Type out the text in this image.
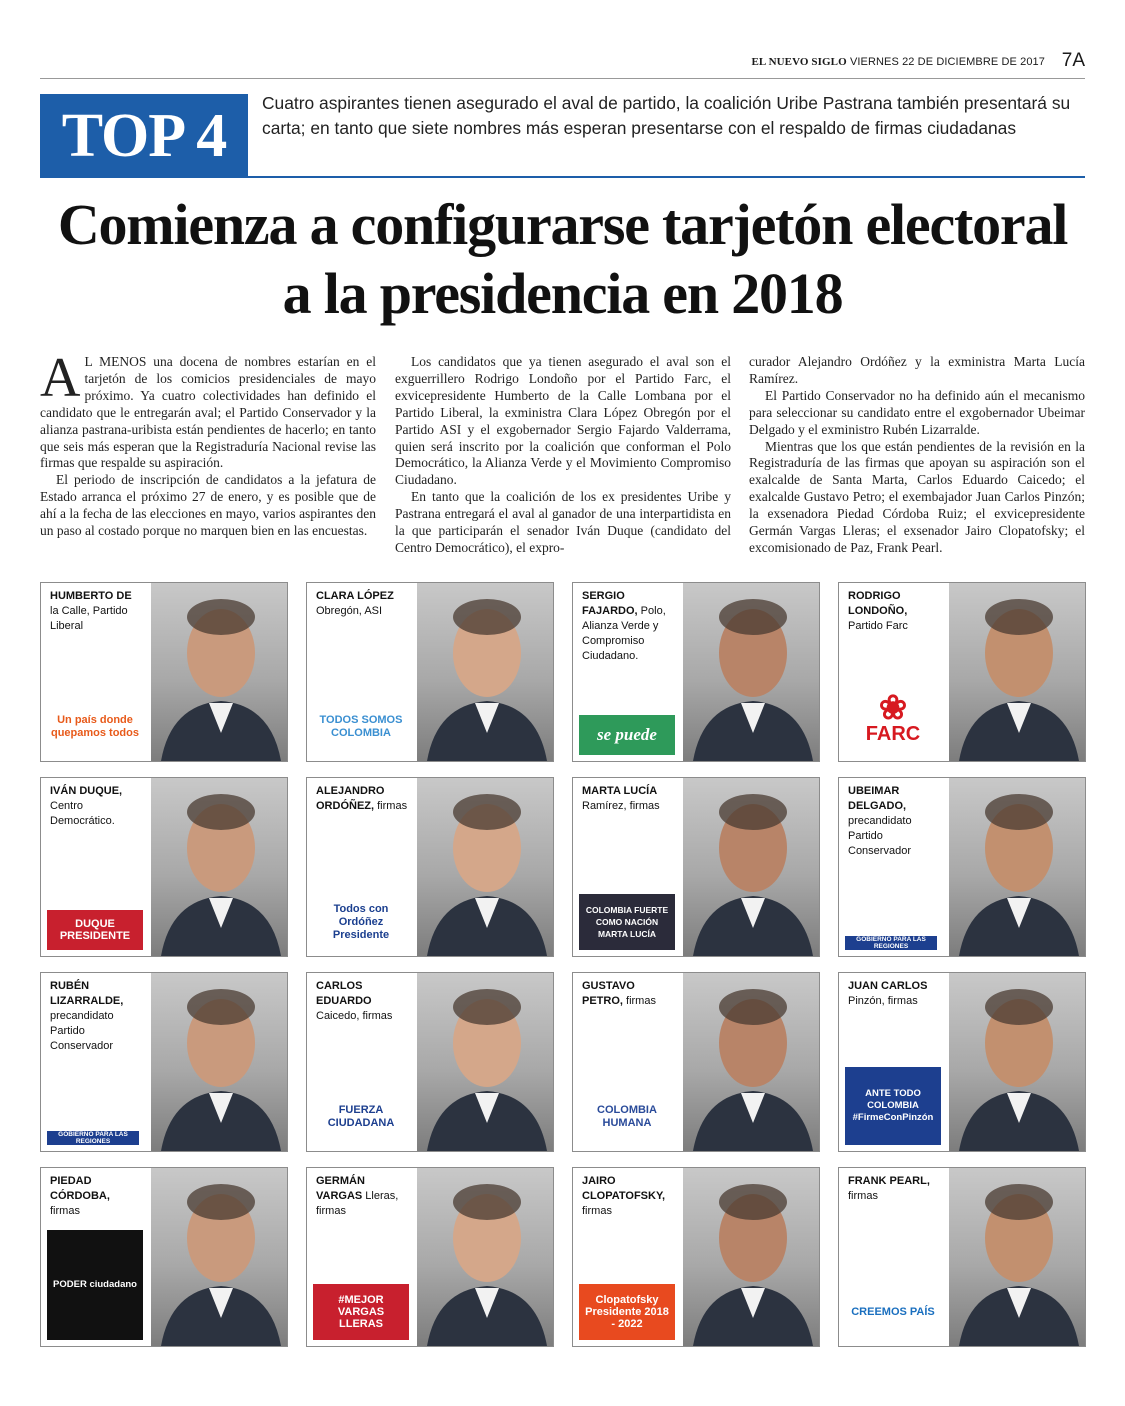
EL NUEVO SIGLO VIERNES 22 DE DICIEMBRE DE 2017 7A
TOP 4	Cuatro aspirantes tienen asegurado el aval de partido, la coalición Uribe Pastrana también presentará su carta; en tanto que siete nombres más esperan presentarse con el respaldo de firmas ciudadanas
Comienza a configurarse tarjetón electoral
a la presidencia en 2018

A L MENOS una docena de nombres estarían en el tarjetón de los comicios presidenciales de mayo próximo. Ya cuatro colectividades han definido el candidato que le entregarán aval; el Partido Conservador y la alianza pastrana-uribista están pendientes de hacerlo; en tanto que seis más esperan que la Registraduría Nacional revise las firmas que respalde su aspiración.

El periodo de inscripción de candidatos a la jefatura de Estado arranca el próximo 27 de enero, y es posible que de ahí a la fecha de las elecciones en mayo, varios aspirantes den un paso al costado porque no marquen bien en las encuestas.

Los candidatos que ya tienen asegurado el aval son el exguerrillero Rodrigo Londoño por el Partido Farc, el exvicepresidente Humberto de la Calle Lombana por el Partido Liberal, la exministra Clara López Obregón por el Partido ASI y el exgobernador Sergio Fajardo Valderrama, quien será inscrito por la coalición que conforman el Polo Democrático, la Alianza Verde y el Movimiento Compromiso Ciudadano.

En tanto que la coalición de los ex presidentes Uribe y Pastrana entregará el aval al ganador de una interpartidista en la que participarán el senador Iván Duque (candidato del Centro Democrático), el expro-

curador Alejandro Ordóñez y la exministra Marta Lucía Ramírez.

El Partido Conservador no ha definido aún el mecanismo para seleccionar su candidato entre el exgobernador Ubeimar Delgado y el exministro Rubén Lizarralde.

Mientras que los que están pendientes de la revisión en la Registraduría de las firmas que apoyan su aspiración son el exalcalde de Santa Marta, Carlos Eduardo Caicedo; el exalcalde Gustavo Petro; el exembajador Juan Carlos Pinzón; la exsenadora Piedad Córdoba Ruiz; el exvicepresidente Germán Vargas Lleras; el exsenador Jairo Clopatofsky; el excomisionado de Paz, Frank Pearl.

HUMBERTO DE la Calle, Partido Liberal
Un país donde quepamos todos
CLARA LÓPEZ Obregón, ASI
TODOS SOMOS COLOMBIA
SERGIO FAJARDO, Polo, Alianza Verde y Compromiso Ciudadano.
se puede
RODRIGO LONDOÑO, Partido Farc
❀
FARC
IVÁN DUQUE, Centro Democrático.
DUQUE PRESIDENTE
ALEJANDRO ORDÓÑEZ, firmas
Todos con Ordóñez Presidente
MARTA LUCÍA Ramírez, firmas
COLOMBIA FUERTE COMO NACIÓN MARTA LUCÍA
UBEIMAR DELGADO, precandidato Partido Conservador
GOBIERNO PARA LAS REGIONES
RUBÉN LIZARRALDE, precandidato Partido Conservador
GOBIERNO PARA LAS REGIONES
CARLOS EDUARDO Caicedo, firmas
FUERZA CIUDADANA
GUSTAVO PETRO, firmas
COLOMBIA HUMANA
JUAN CARLOS Pinzón, firmas
ANTE TODO COLOMBIA #FirmeConPinzón
PIEDAD CÓRDOBA, firmas
PODER ciudadano
GERMÁN VARGAS Lleras, firmas
#MEJOR VARGAS LLERAS
JAIRO CLOPATOFSKY, firmas
Clopatofsky Presidente 2018 - 2022
FRANK PEARL, firmas
CREEMOS PAÍS
